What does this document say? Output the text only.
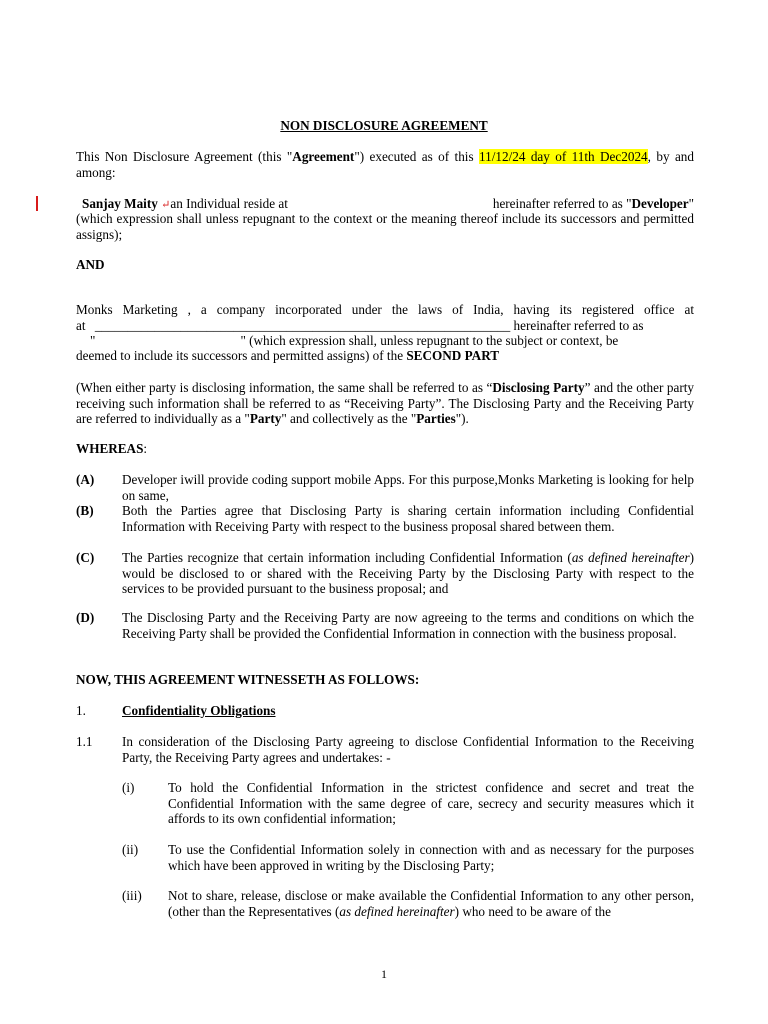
NON DISCLOSURE AGREEMENT
This Non Disclosure Agreement (this "Agreement") executed as of this 11/12/24 day of 11th Dec2024, by and among:
Sanjay Maity ↵an Individual reside at	hereinafter referred to as "Developer"
(which expression shall unless repugnant to the context or the meaning thereof include its successors and permitted assigns);
AND
Monks Marketing , a company incorporated under the laws of India, having its registered office at
at _______________________________________________________________ hereinafter referred to as
"                                            " (which expression shall, unless repugnant to the subject or context, be
deemed to include its successors and permitted assigns) of the SECOND PART
(When either party is disclosing information, the same shall be referred to as “Disclosing Party” and the other party receiving such information shall be referred to as “Receiving Party”. The Disclosing Party and the Receiving Party are referred to individually as a "Party" and collectively as the "Parties").
WHEREAS:
(A)	Developer iwill provide coding support mobile Apps. For this purpose,Monks Marketing is looking for help on same,
(B)	Both the Parties agree that Disclosing Party is sharing certain information including Confidential Information with Receiving Party with respect to the business proposal shared between them.
(C)	The Parties recognize that certain information including Confidential Information (as defined hereinafter) would be disclosed to or shared with the Receiving Party by the Disclosing Party with respect to the services to be provided pursuant to the business proposal; and
(D)	The Disclosing Party and the Receiving Party are now agreeing to the terms and conditions on which the Receiving Party shall be provided the Confidential Information in connection with the business proposal.
NOW, THIS AGREEMENT WITNESSETH AS FOLLOWS:
1.	Confidentiality Obligations
1.1	In consideration of the Disclosing Party agreeing to disclose Confidential Information to the Receiving Party, the Receiving Party agrees and undertakes: -
(i)	To hold the Confidential Information in the strictest confidence and secret and treat the Confidential Information with the same degree of care, secrecy and security measures which it affords to its own confidential information;
(ii)	To use the Confidential Information solely in connection with and as necessary for the purposes which have been approved in writing by the Disclosing Party;
(iii)	Not to share, release, disclose or make available the Confidential Information to any other person, (other than the Representatives (as defined hereinafter) who need to be aware of the
1
